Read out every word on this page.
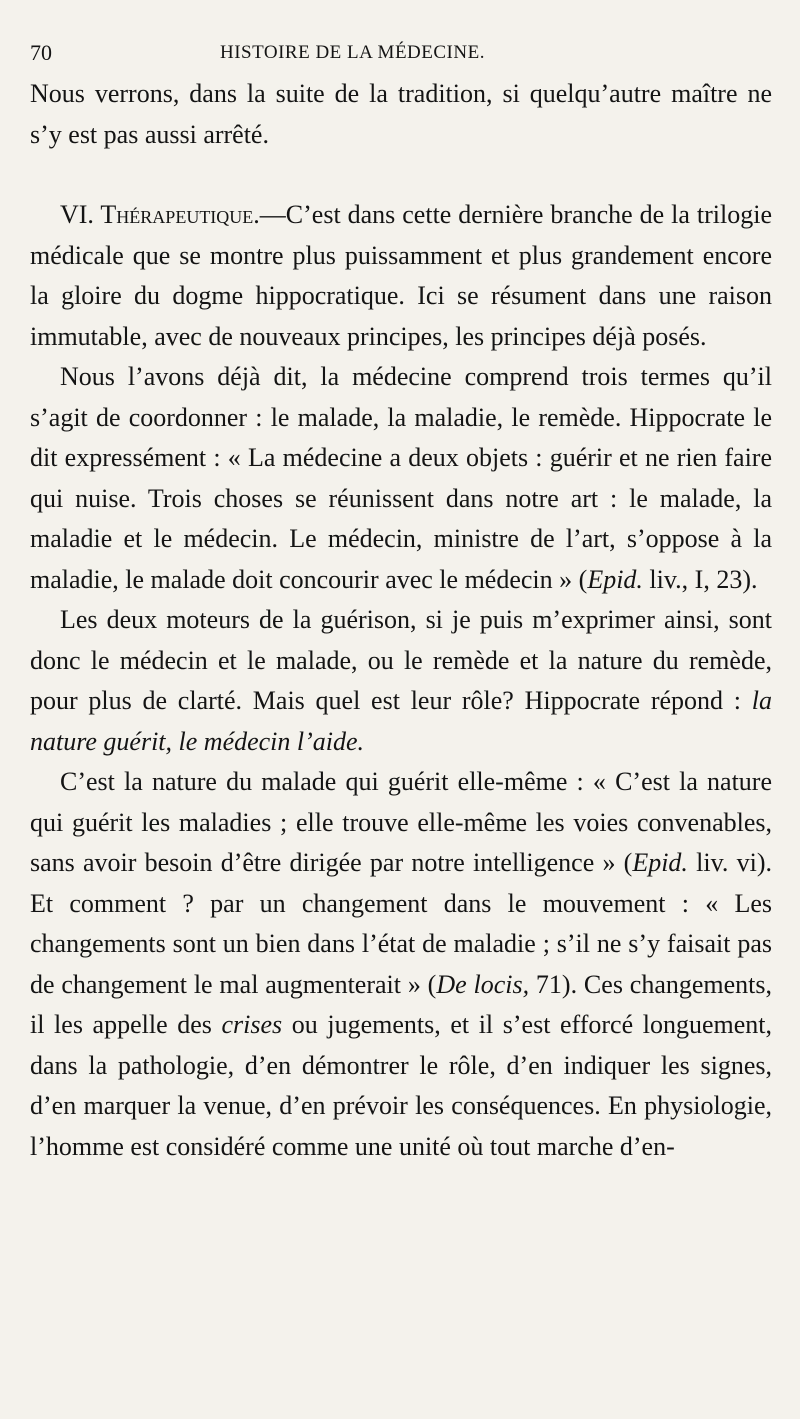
70	HISTOIRE DE LA MÉDECINE.

Nous verrons, dans la suite de la tradition, si quelqu’autre maître ne s’y est pas aussi arrêté.

VI. Thérapeutique.—C’est dans cette dernière branche de la trilogie médicale que se montre plus puissamment et plus grandement encore la gloire du dogme hippocratique. Ici se résument dans une raison immutable, avec de nouveaux principes, les principes déjà posés.

Nous l’avons déjà dit, la médecine comprend trois termes qu’il s’agit de coordonner : le malade, la maladie, le remède. Hippocrate le dit expressément : « La médecine a deux objets : guérir et ne rien faire qui nuise. Trois choses se réunissent dans notre art : le malade, la maladie et le médecin. Le médecin, ministre de l’art, s’oppose à la maladie, le malade doit concourir avec le médecin » (Epid. liv., I, 23).

Les deux moteurs de la guérison, si je puis m’exprimer ainsi, sont donc le médecin et le malade, ou le remède et la nature du remède, pour plus de clarté. Mais quel est leur rôle? Hippocrate répond : la nature guérit, le médecin l’aide.

C’est la nature du malade qui guérit elle-même : « C’est la nature qui guérit les maladies ; elle trouve elle-même les voies convenables, sans avoir besoin d’être dirigée par notre intelligence » (Epid. liv. vi). Et comment ? par un changement dans le mouvement : « Les changements sont un bien dans l’état de maladie ; s’il ne s’y faisait pas de changement le mal augmenterait » (De locis, 71). Ces changements, il les appelle des crises ou jugements, et il s’est efforcé longuement, dans la pathologie, d’en démontrer le rôle, d’en indiquer les signes, d’en marquer la venue, d’en prévoir les conséquences. En physiologie, l’homme est considéré comme une unité où tout marche d’en-
